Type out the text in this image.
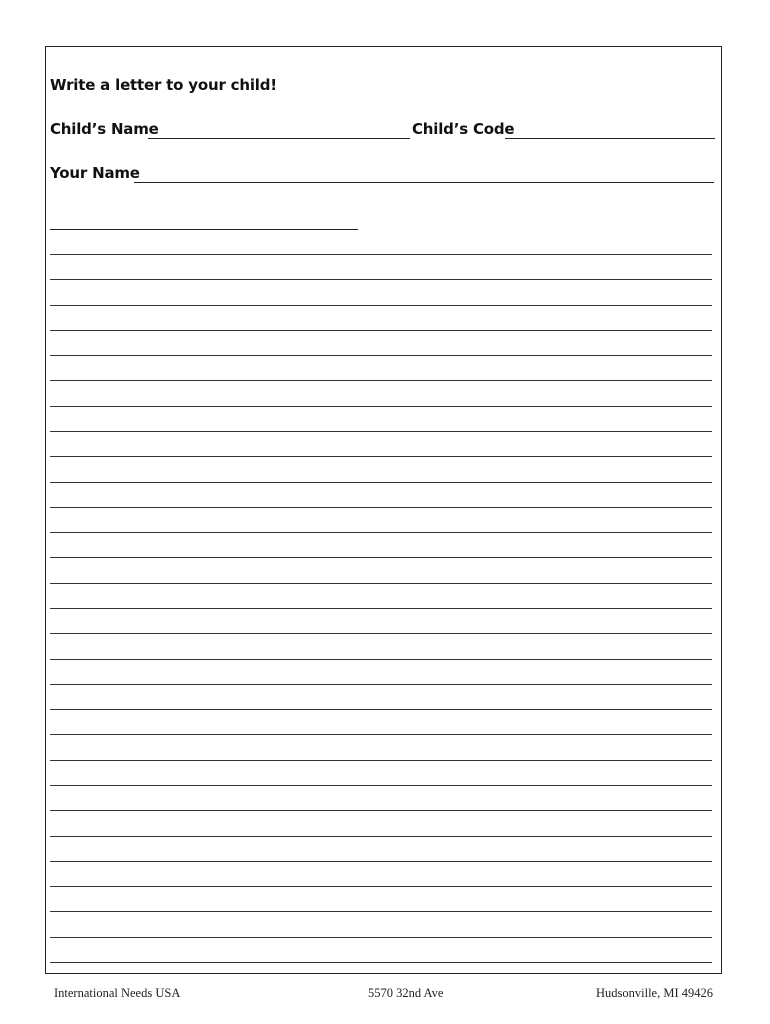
Write a letter to your child!
Child’s Name	Child’s Code
Your Name
International Needs USA	5570 32nd Ave	Hudsonville, MI 49426
